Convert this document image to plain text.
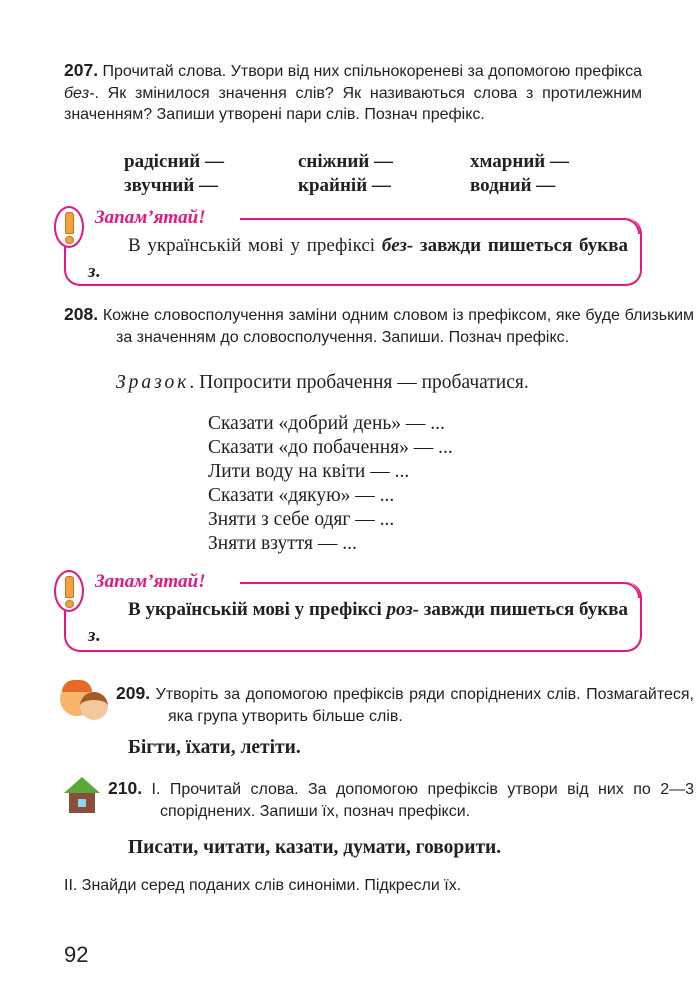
207. Прочитай слова. Утвори від них спільнокореневі за допомогою префікса без-. Як змінилося значення слів? Як називаються слова з протилежним значенням? Запиши утворені пари слів. Познач префікс.
радісний —	сніжний —	хмарний —
звучний —	крайній —	водний —
Запам’ятай!
В українській мові у префіксі без- завжди пишеться буква з.
208. Кожне словосполучення заміни одним словом із префіксом, яке буде близьким за значенням до словосполучення. Запиши. Познач префікс.
Зразок. Попросити пробачення — пробачатися.
Сказати «добрий день» — ...
Сказати «до побачення» — ...
Лити воду на квіти — ...
Сказати «дякую» — ...
Зняти з себе одяг — ...
Зняти взуття — ...
Запам’ятай!
В українській мові у префіксі роз- завжди пишеться буква з.
209. Утворіть за допомогою префіксів ряди споріднених слів. Позмагайтеся, яка група утворить більше слів.
Бігти, їхати, летіти.
210. І. Прочитай слова. За допомогою префіксів утвори від них по 2—3 споріднених. Запиши їх, познач префікси.
Писати, читати, казати, думати, говорити.
ІІ. Знайди серед поданих слів синоніми. Підкресли їх.
92
